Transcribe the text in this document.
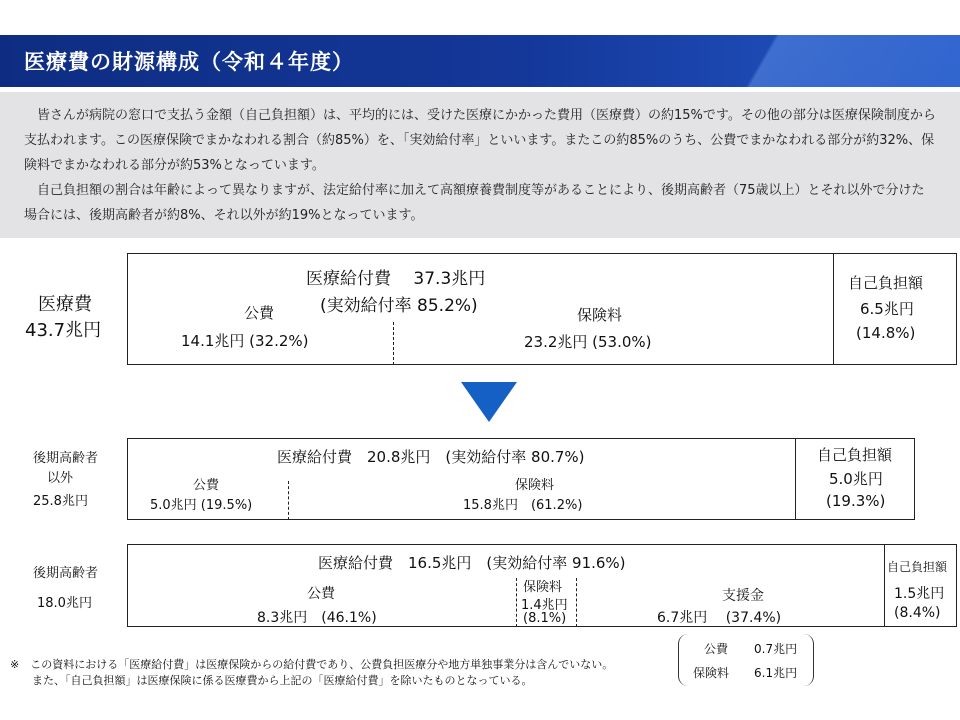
医療費の財源構成（令和４年度）

皆さんが病院の窓口で支払う金額（自己負担額）は、平均的には、受けた医療にかかった費用（医療費）の約15%です。その他の部分は医療保険制度から支払われます。この医療保険でまかなわれる割合（約85%）を、「実効給付率」といいます。またこの約85%のうち、公費でまかなわれる部分が約32%、保険料でまかなわれる部分が約53%となっています。

自己負担額の割合は年齢によって異なりますが、法定給付率に加えて高額療養費制度等があることにより、後期高齢者（75歳以上）とそれ以外で分けた場合には、後期高齢者が約8%、それ以外が約19%となっています。

医療費
43.7兆円
医療給付費　 37.3兆円
(実効給付率 85.2%)
公費
14.1兆円 (32.2%)
保険料
23.2兆円 (53.0%)
自己負担額
6.5兆円
(14.8%)
後期高齢者
以外
25.8兆円
医療給付費　20.8兆円　(実効給付率 80.7%)
公費
5.0兆円 (19.5%)
保険料
15.8兆円　(61.2%)
自己負担額
5.0兆円
(19.3%)
後期高齢者
18.0兆円
医療給付費　16.5兆円　(実効給付率 91.6%)
公費
8.3兆円　(46.1%)
保険料
1.4兆円
(8.1%)
支援金
6.7兆円　 (37.4%)
自己負担額
1.5兆円
(8.4%)
公費 0.7兆円
保険料 6.1兆円
※　この資料における「医療給付費」は医療保険からの給付費であり、公費負担医療分や地方単独事業分は含んでいない。
　　また、「自己負担額」は医療保険に係る医療費から上記の「医療給付費」を除いたものとなっている。
